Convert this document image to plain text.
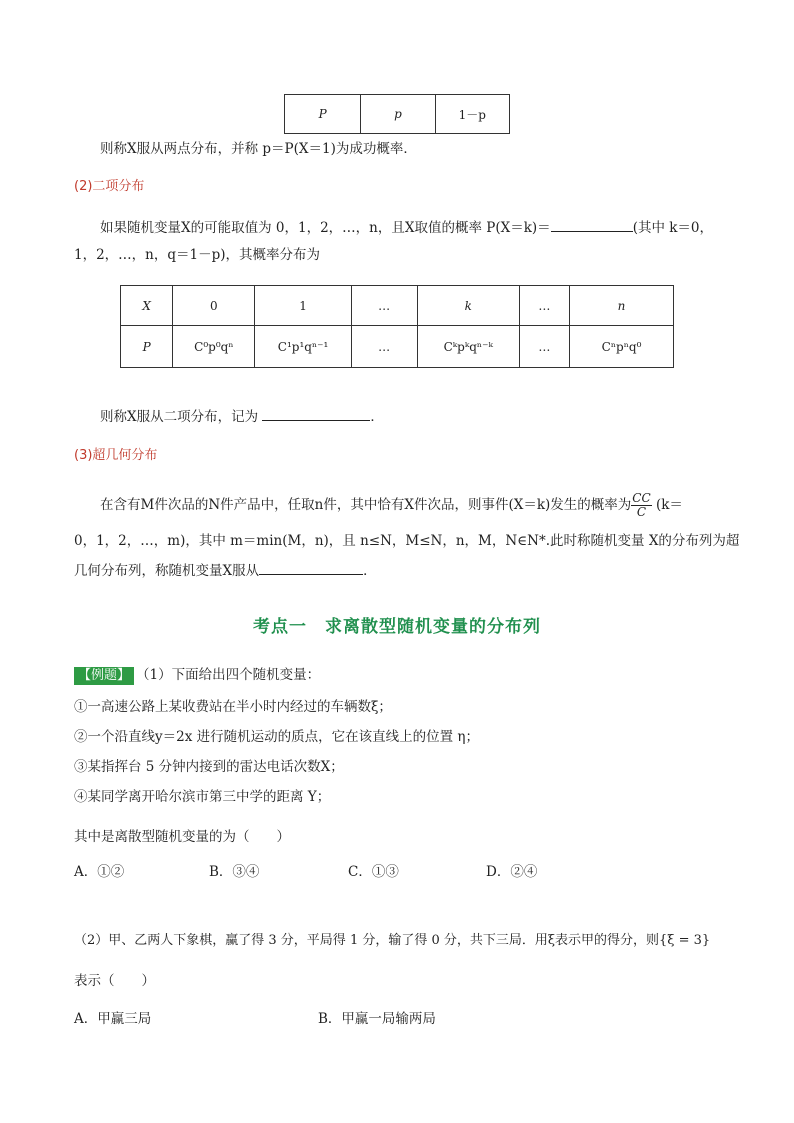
P	p	1－p
则称X服从两点分布，并称 p＝P(X＝1)为成功概率．
(2)二项分布
如果随机变量X的可能取值为 0，1，2，…，n，且X取值的概率 P(X＝k)＝	(其中 k＝0，
1，2，…，n，q＝1－p)，其概率分布为
X	0	1	…	k	…	n
P	C⁰p⁰qⁿ	C¹p¹qⁿ⁻¹	…	Cᵏpᵏqⁿ⁻ᵏ	…	Cⁿpⁿq⁰
则称X服从二项分布，记为	．
(3)超几何分布
在含有M件次品的N件产品中，任取n件，其中恰有X件次品，则事件(X＝k)发生的概率为 $\frac{CC}{C} (k=$
0，1，2，…，m)，其中 m＝min(M，n)，且 n≤N，M≤N，n，M，N∈N*.此时称随机变量 X的分布列为超
几何分布列，称随机变量X服从	．
考点一　求离散型随机变量的分布列
【例题】 （1）下面给出四个随机变量：
①一高速公路上某收费站在半小时内经过的车辆数ξ；
②一个沿直线y＝2x 进行随机运动的质点，它在该直线上的位置 η；
③某指挥台 5 分钟内接到的雷达电话次数X；
④某同学离开哈尔滨市第三中学的距离 Y；
其中是离散型随机变量的为（　　）
A．①②	B．③④	C．①③	D．②④
（2）甲、乙两人下象棋，赢了得 3 分，平局得 1 分，输了得 0 分，共下三局．用ξ表示甲的得分，则{ξ = 3}
表示（　　）
A．甲赢三局	B．甲赢一局输两局
